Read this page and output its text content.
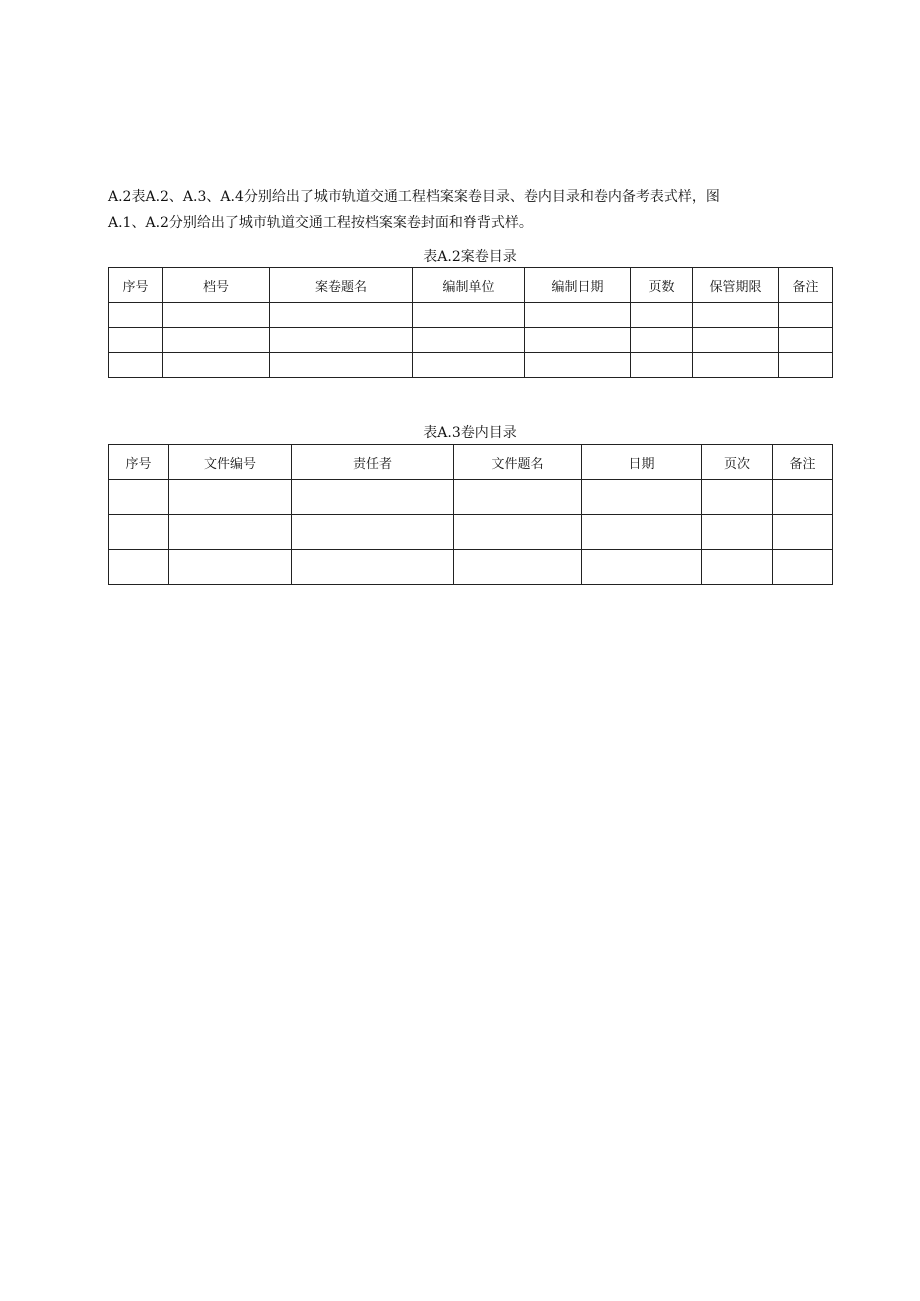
A.2表A.2、A.3、A.4分别给出了城市轨道交通工程档案案卷目录、卷内目录和卷内备考表式样，图
A.1、A.2分别给出了城市轨道交通工程按档案案卷封面和脊背式样。
表A.2案卷目录
序号	档号	案卷题名	编制单位	编制日期	页数	保管期限	备注

表A.3卷内目录
序号	文件编号	责任者	文件题名	日期	页次	备注
